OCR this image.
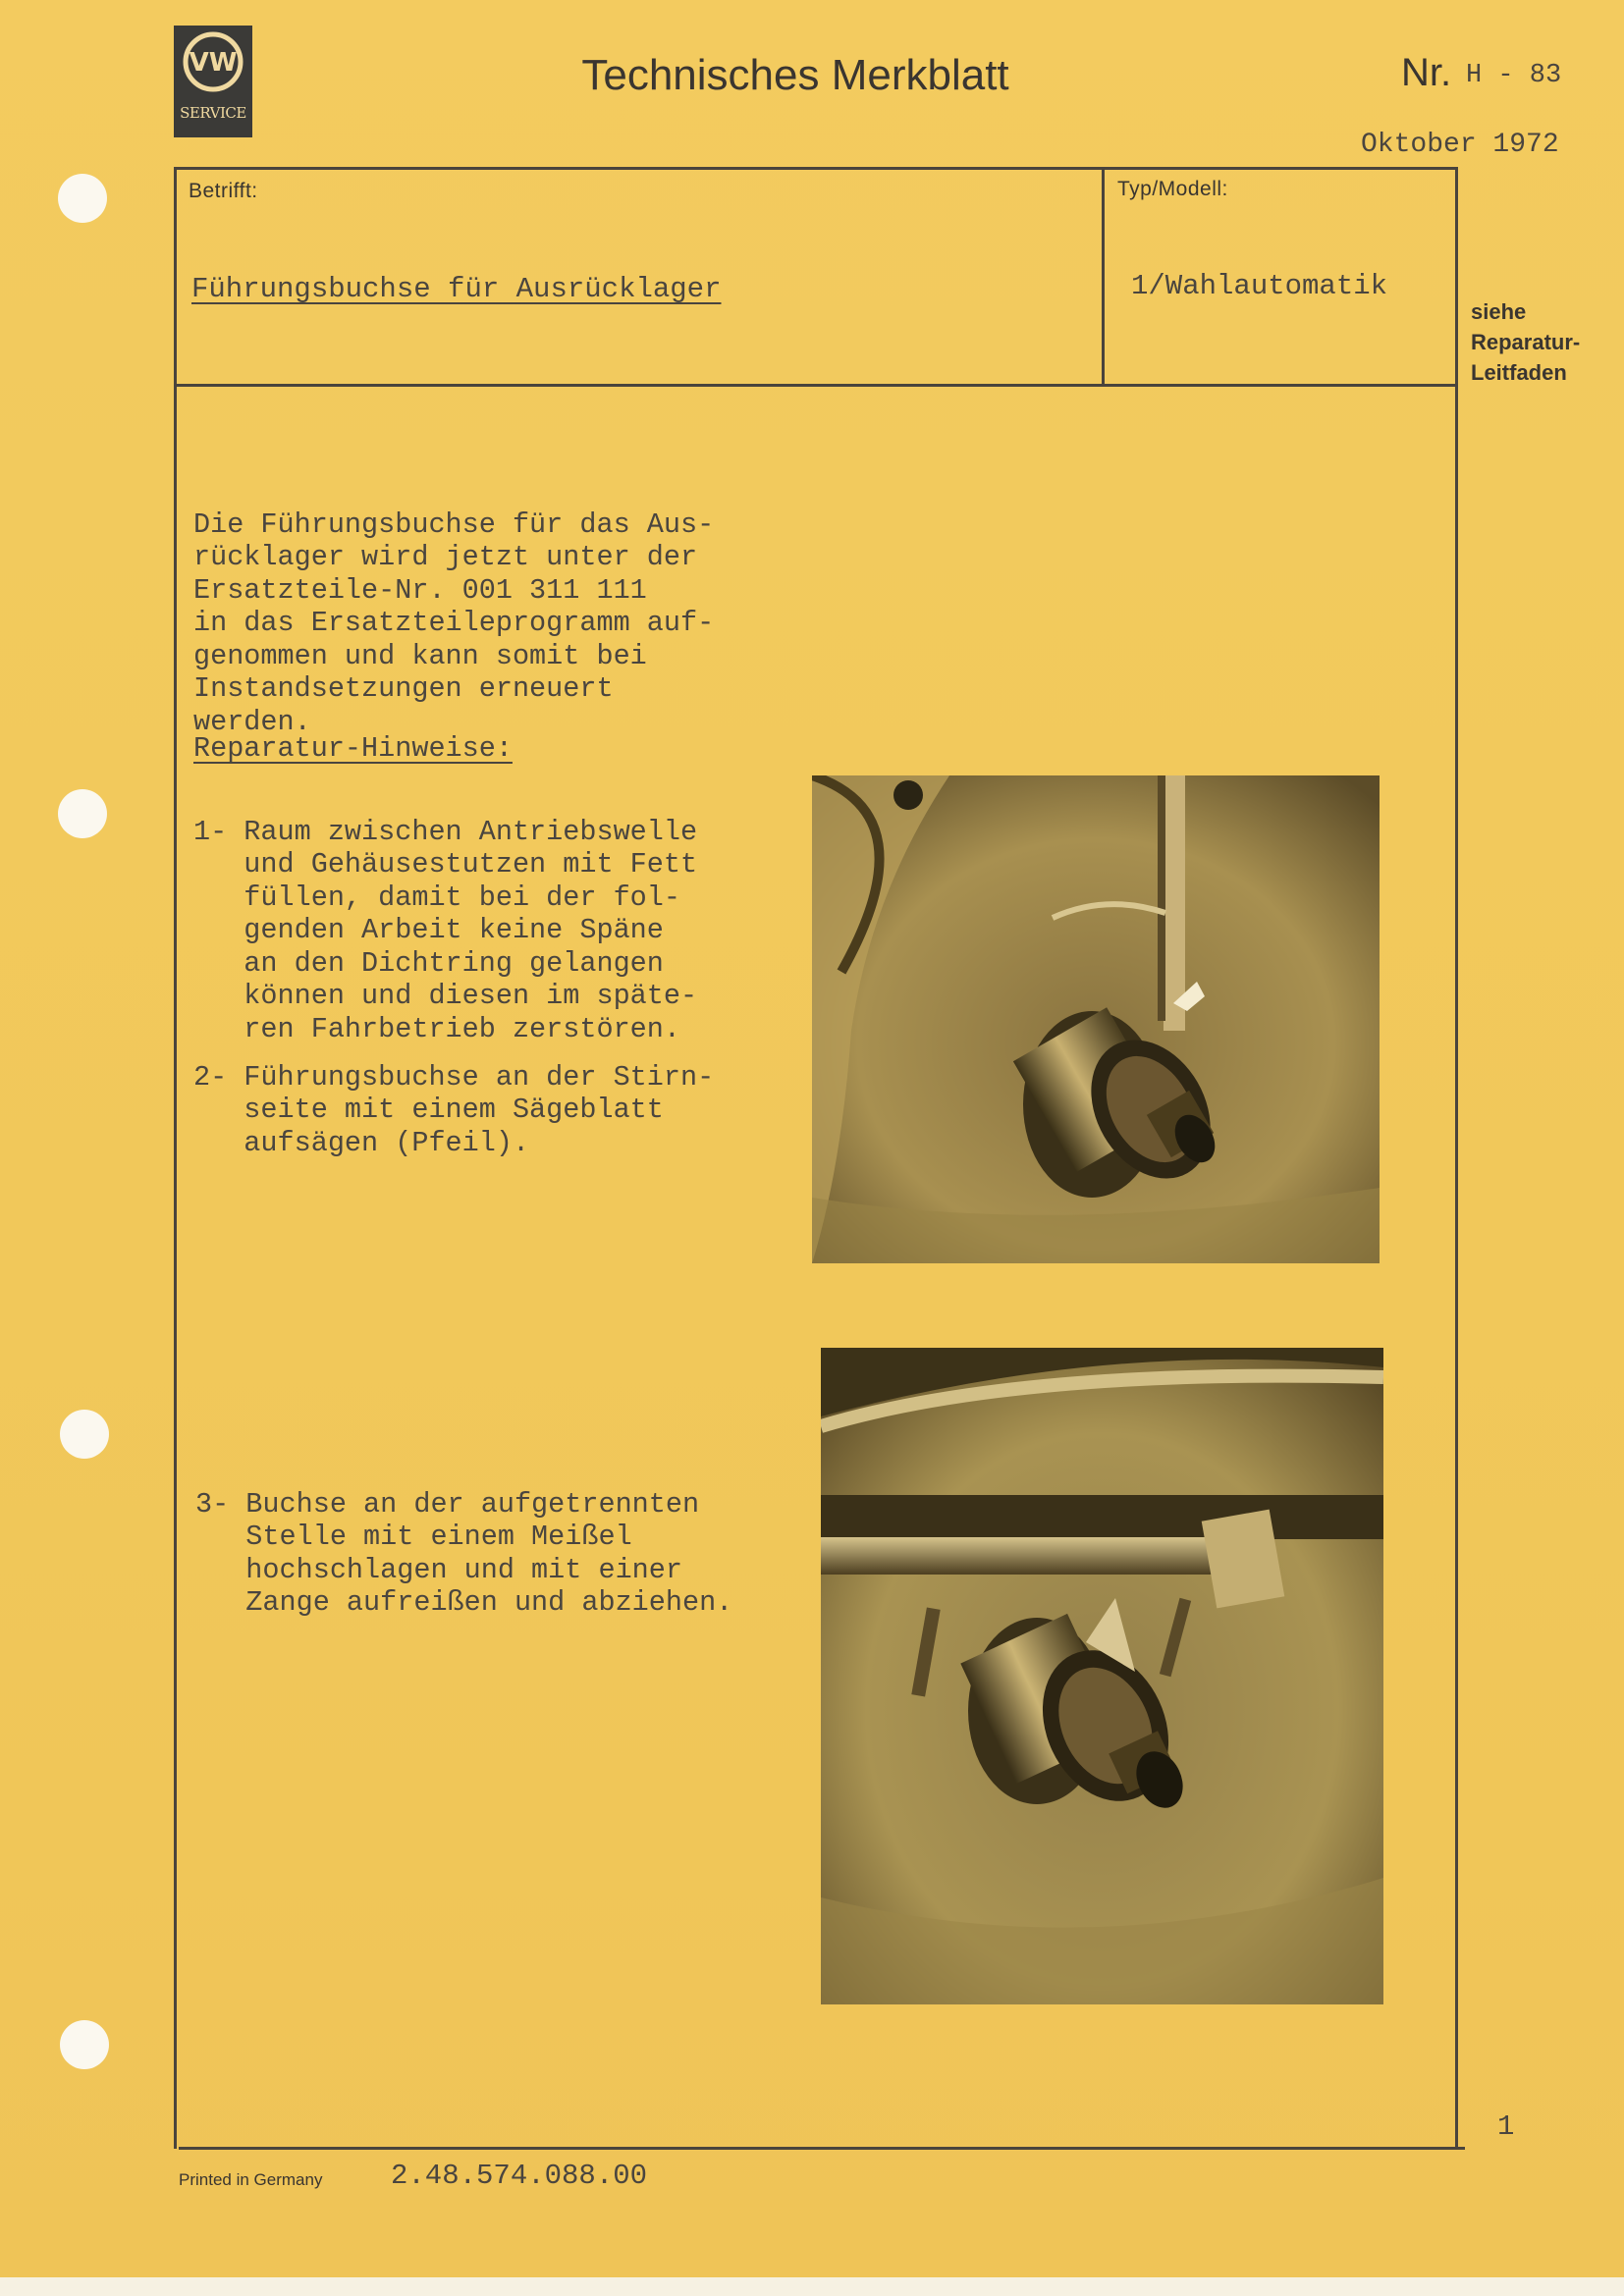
VW
SERVICE
Technisches Merkblatt	Nr. H - 83
Oktober 1972
Betrifft:
Führungsbuchse für Ausrücklager
Typ/Modell:
1/Wahlautomatik
siehe
Reparatur-
Leitfaden

Die Führungsbuchse für das Aus-
rücklager wird jetzt unter der
Ersatzteile-Nr. 001 311 111
in das Ersatzteileprogramm auf-
genommen und kann somit bei
Instandsetzungen erneuert
werden.

Reparatur-Hinweise:

1- Raum zwischen Antriebswelle
und Gehäusestutzen mit Fett
füllen, damit bei der fol-
genden Arbeit keine Späne
an den Dichtring gelangen
können und diesen im späte-
ren Fahrbetrieb zerstören.

2- Führungsbuchse an der Stirn-
seite mit einem Sägeblatt
aufsägen (Pfeil).

3- Buchse an der aufgetrennten
Stelle mit einem Meißel
hochschlagen und mit einer
Zange aufreißen und abziehen.

1
Printed in Germany 2.48.574.088.00
